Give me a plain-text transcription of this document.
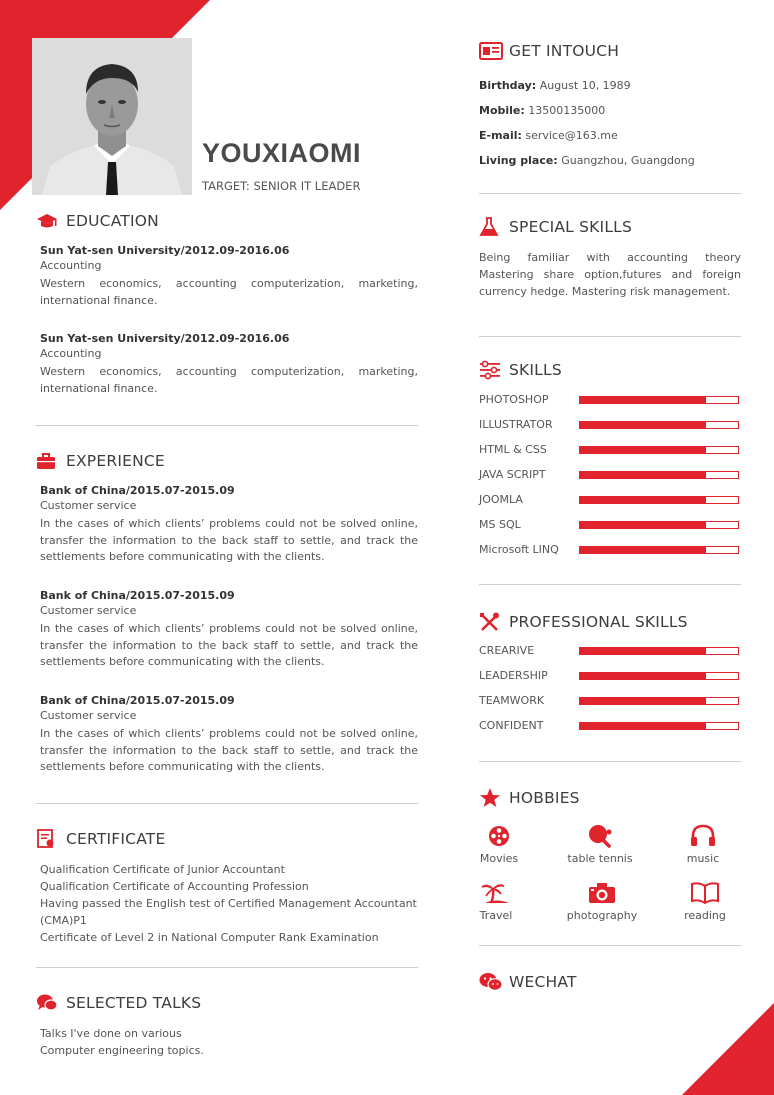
YOUXIAOMI
TARGET: SENIOR IT LEADER
EDUCATION
Sun Yat-sen University/2012.09-2016.06
Accounting
Western economics, accounting computerization, marketing, international finance.
Sun Yat-sen University/2012.09-2016.06
Accounting
Western economics, accounting computerization, marketing, international finance.
EXPERIENCE
Bank of China/2015.07-2015.09
Customer service
In the cases of which clients’ problems could not be solved online, transfer the information to the back staff to settle, and track the settlements before communicating with the clients.
Bank of China/2015.07-2015.09
Customer service
In the cases of which clients’ problems could not be solved online, transfer the information to the back staff to settle, and track the settlements before communicating with the clients.
Bank of China/2015.07-2015.09
Customer service
In the cases of which clients’ problems could not be solved online, transfer the information to the back staff to settle, and track the settlements before communicating with the clients.
CERTIFICATE
Qualification Certificate of Junior Accountant
Qualification Certificate of Accounting Profession
Having passed the English test of Certified Management Accountant (CMA)P1
Certificate of Level 2 in National Computer Rank Examination
SELECTED TALKS
Talks I've done on various
Computer engineering topics.
GET INTOUCH
Birthday: August 10, 1989
Mobile: 13500135000
E-mail: service@163.me
Living place: Guangzhou, Guangdong
SPECIAL SKILLS
Being familiar with accounting theory Mastering share option,futures and foreign currency hedge. Mastering risk management.
SKILLS
PHOTOSHOP
ILLUSTRATOR
HTML & CSS
JAVA SCRIPT
JOOMLA
MS SQL
Microsoft LINQ
PROFESSIONAL SKILLS
CREARIVE
LEADERSHIP
TEAMWORK
CONFIDENT
HOBBIES
Movies	table tennis	music
Travel	photography	reading
WECHAT
